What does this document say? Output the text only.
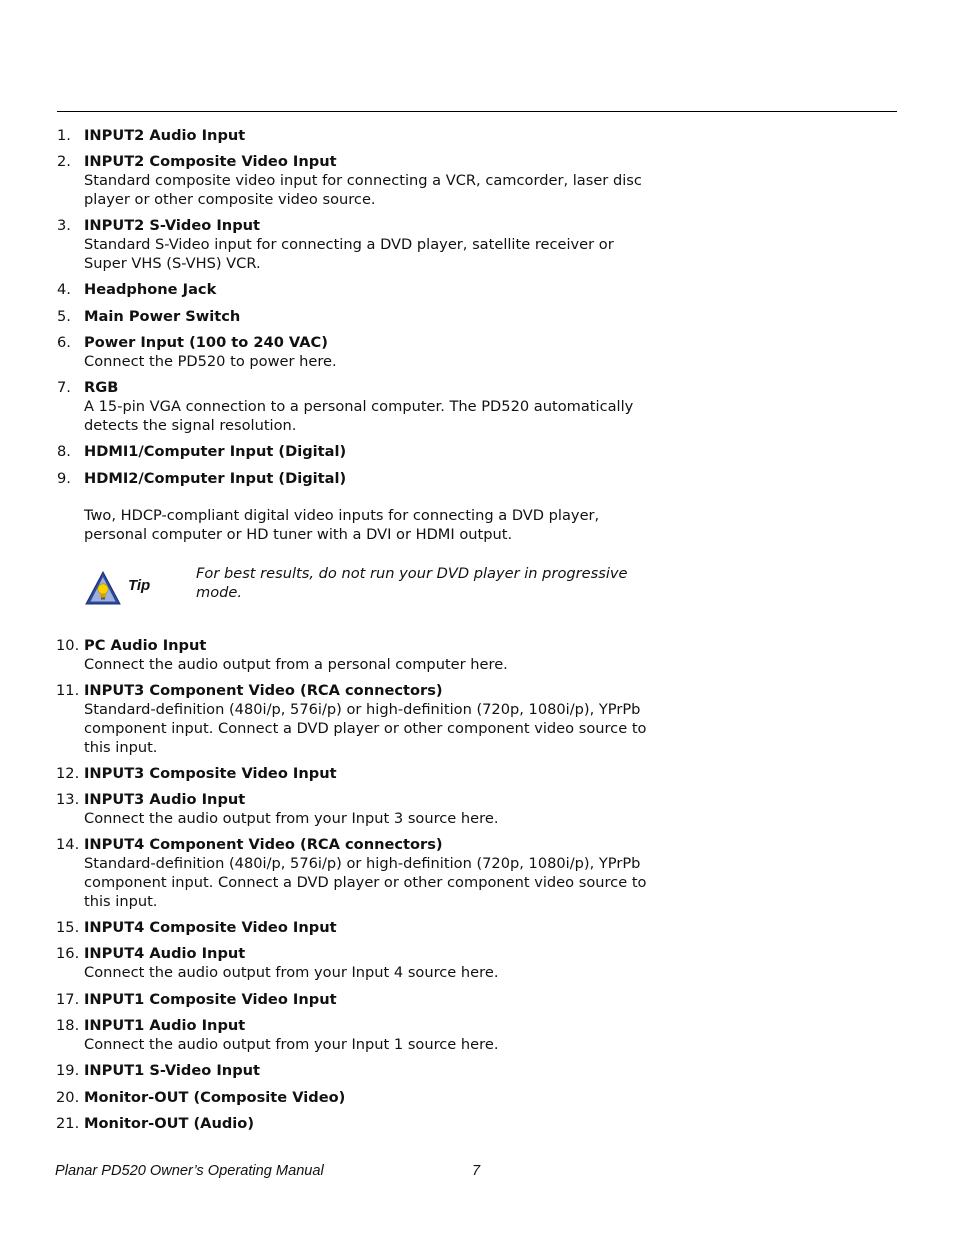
1. INPUT2 Audio Input
2. INPUT2 Composite Video Input
Standard composite video input for connecting a VCR, camcorder, laser disc player or other composite video source.
3. INPUT2 S-Video Input
Standard S-Video input for connecting a DVD player, satellite receiver or Super VHS (S-VHS) VCR.
4. Headphone Jack
5. Main Power Switch
6. Power Input (100 to 240 VAC)
Connect the PD520 to power here.
7. RGB
A 15-pin VGA connection to a personal computer. The PD520 automatically detects the signal resolution.
8. HDMI1/Computer Input (Digital)
9. HDMI2/Computer Input (Digital)
Two, HDCP-compliant digital video inputs for connecting a DVD player, personal computer or HD tuner with a DVI or HDMI output.
Tip
For best results, do not run your DVD player in progressive mode.
10. PC Audio Input
Connect the audio output from a personal computer here.
11. INPUT3 Component Video (RCA connectors)
Standard-definition (480i/p, 576i/p) or high-definition (720p, 1080i/p), YPrPb component input. Connect a DVD player or other component video source to this input.
12. INPUT3 Composite Video Input
13. INPUT3 Audio Input
Connect the audio output from your Input 3 source here.
14. INPUT4 Component Video (RCA connectors)
Standard-definition (480i/p, 576i/p) or high-definition (720p, 1080i/p), YPrPb component input. Connect a DVD player or other component video source to this input.
15. INPUT4 Composite Video Input
16. INPUT4 Audio Input
Connect the audio output from your Input 4 source here.
17. INPUT1 Composite Video Input
18. INPUT1 Audio Input
Connect the audio output from your Input 1 source here.
19. INPUT1 S-Video Input
20. Monitor-OUT (Composite Video)
21. Monitor-OUT (Audio)
Planar PD520 Owner’s Operating Manual	7
